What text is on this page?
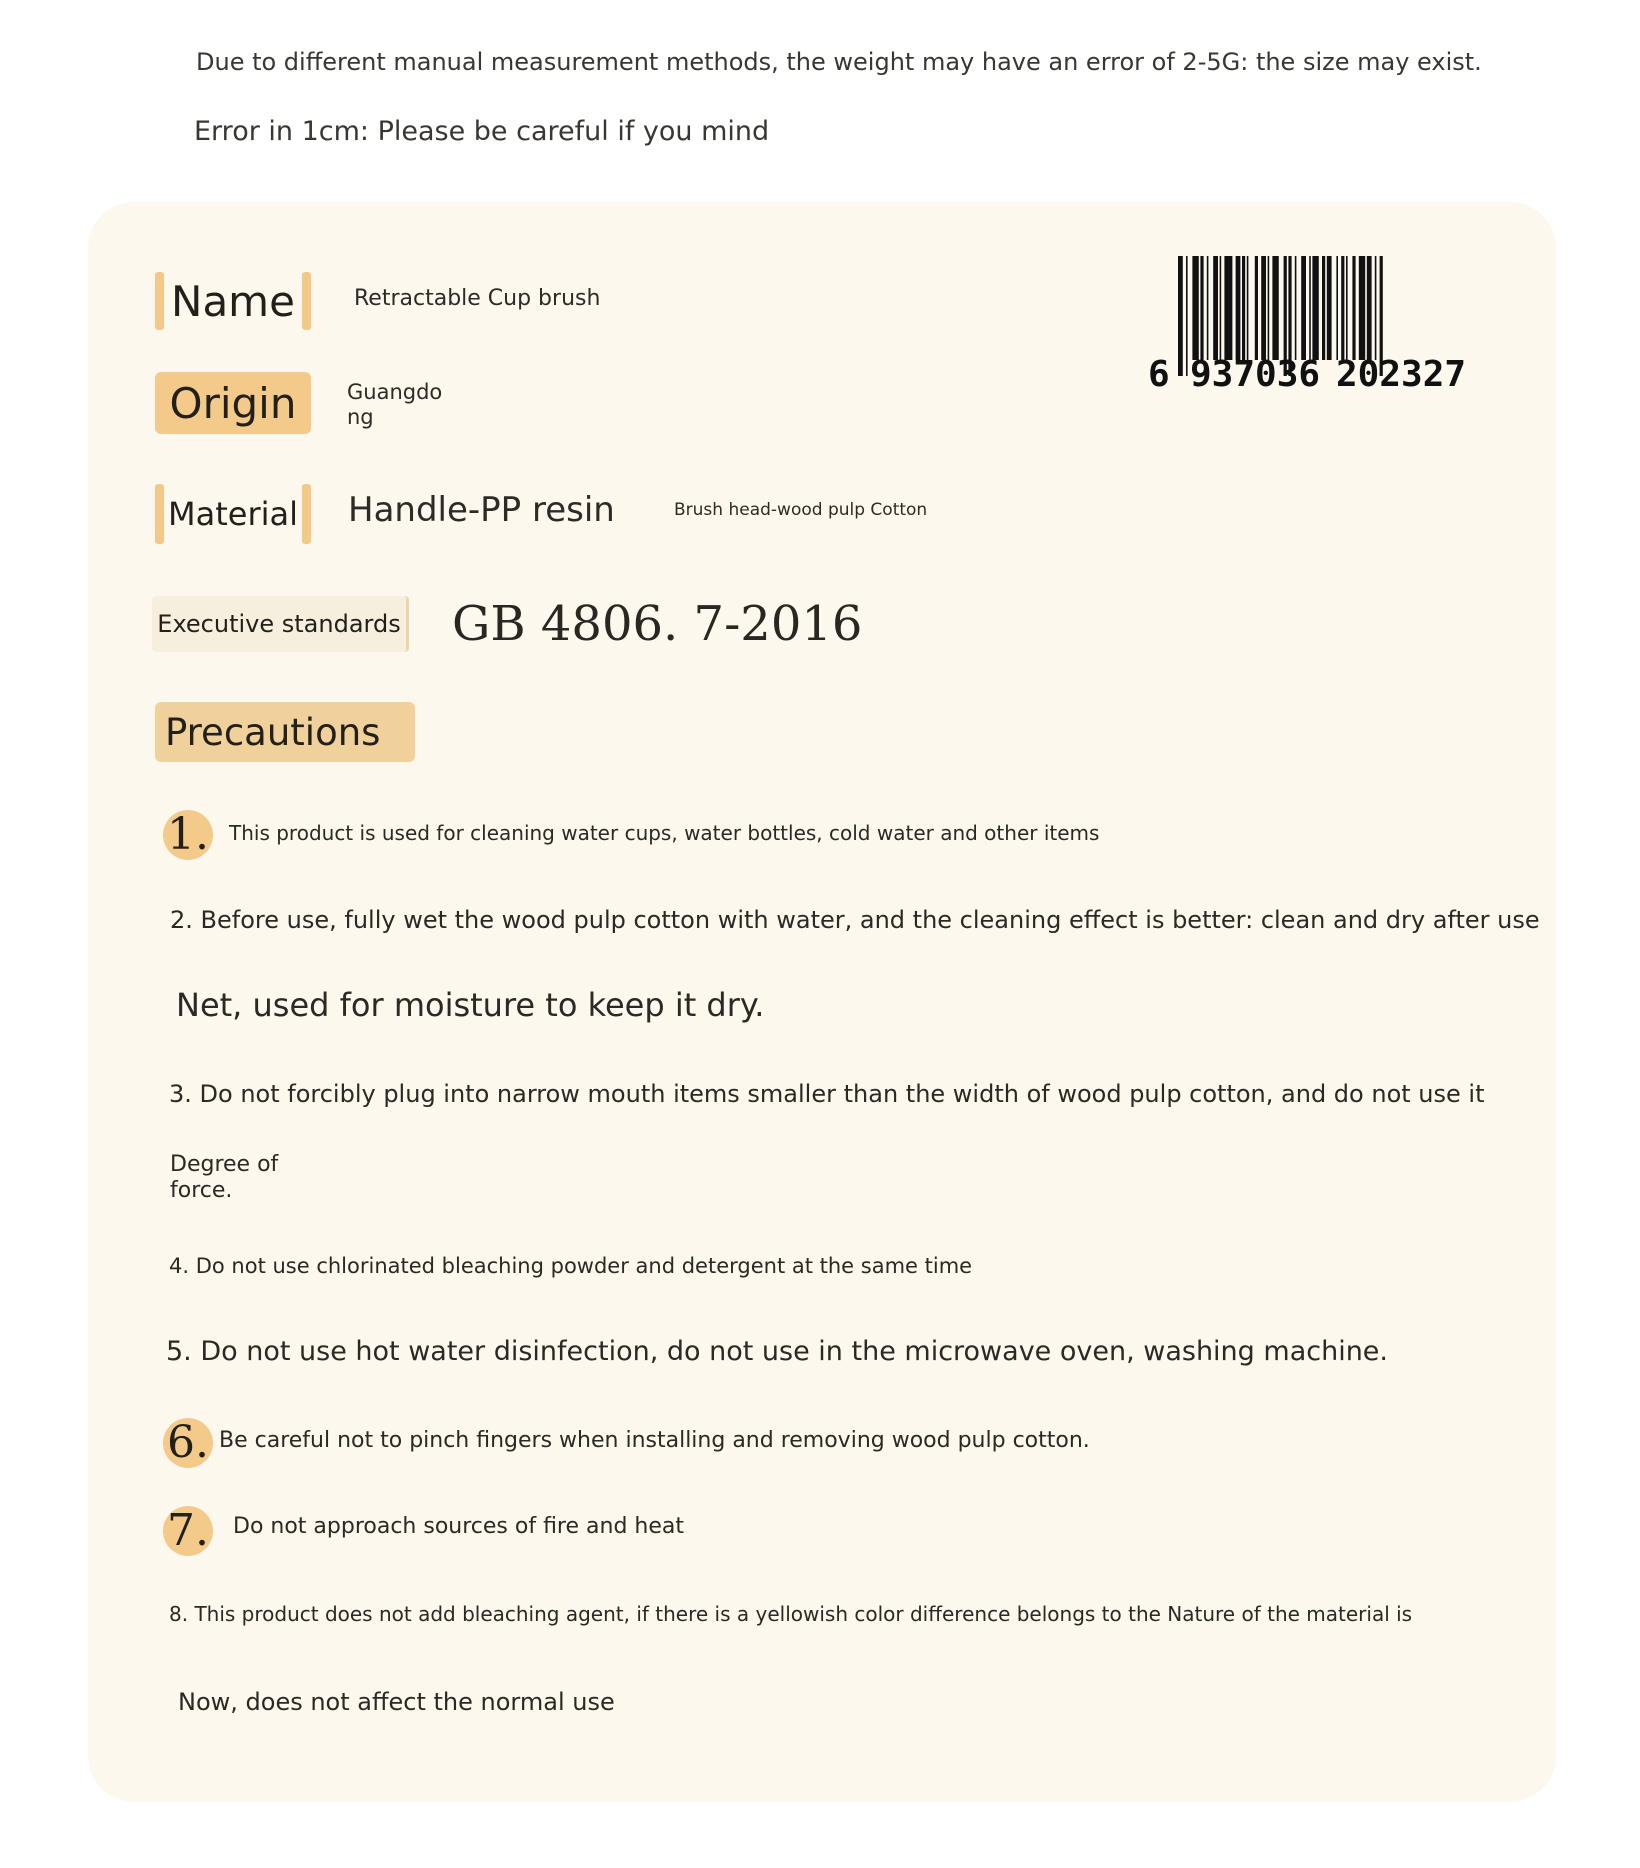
Due to different manual measurement methods, the weight may have an error of 2-5G: the size may exist.
Error in 1cm: Please be careful if you mind
Name	Retractable Cup brush
Origin Guangdo
ng
Material Handle-PP resin	Brush head-wood pulp Cotton
Executive standards GB 4806. 7-2016
6 937036 202327
Precautions
1. This product is used for cleaning water cups, water bottles, cold water and other items
2. Before use, fully wet the wood pulp cotton with water, and the cleaning effect is better: clean and dry after use
Net, used for moisture to keep it dry.
3. Do not forcibly plug into narrow mouth items smaller than the width of wood pulp cotton, and do not use it
Degree of
force.
4. Do not use chlorinated bleaching powder and detergent at the same time
5. Do not use hot water disinfection, do not use in the microwave oven, washing machine.
6. Be careful not to pinch fingers when installing and removing wood pulp cotton.
7. Do not approach sources of fire and heat
8. This product does not add bleaching agent, if there is a yellowish color difference belongs to the Nature of the material is
Now, does not affect the normal use
